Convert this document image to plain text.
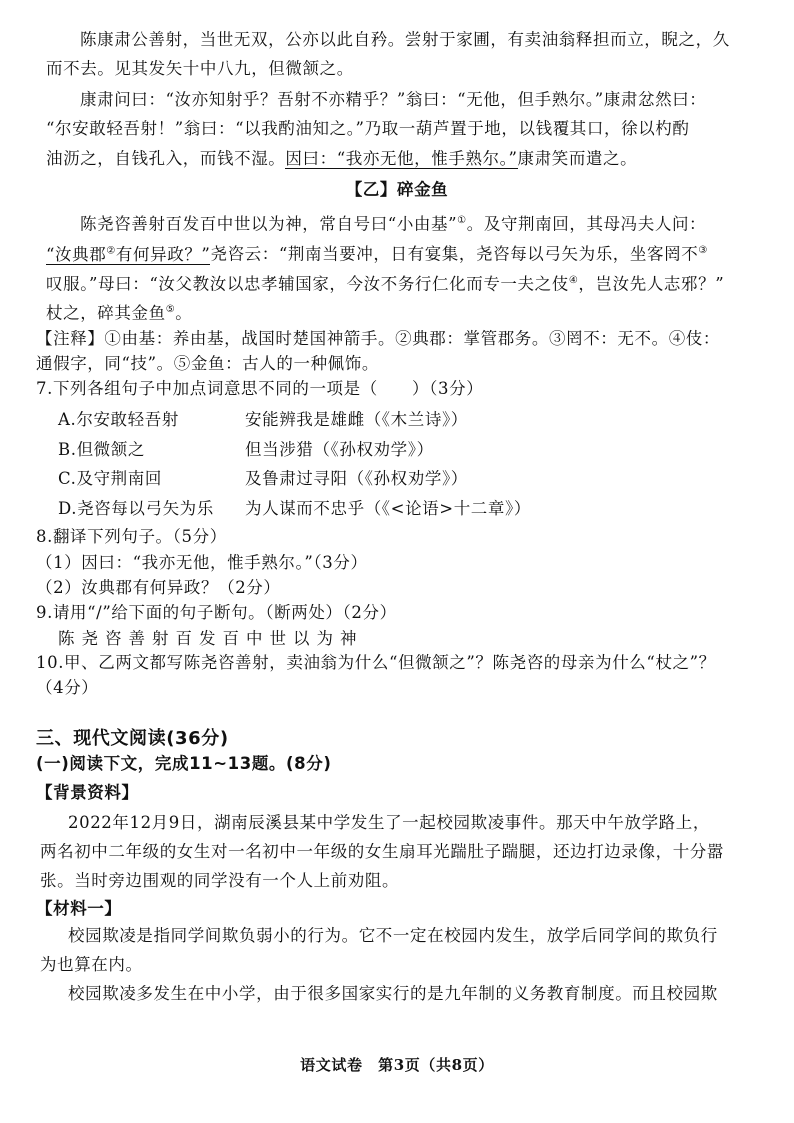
陈康肃公善射，当世无双，公亦以此自矜。尝射于家圃，有卖油翁释担而立，睨之，久
而不去。见其发矢十中八九，但微颔之。
康肃问曰：“汝亦知射乎？吾射不亦精乎？”翁曰：“无他，但手熟尔。”康肃忿然曰：
“尔安敢轻吾射！”翁曰：“以我酌油知之。”乃取一葫芦置于地，以钱覆其口，徐以杓酌
油沥之，自钱孔入，而钱不湿。因曰：“我亦无他，惟手熟尔。”康肃笑而遣之。
【乙】碎金鱼
陈尧咨善射百发百中世以为神，常自号曰“小由基”①。及守荆南回，其母冯夫人问：
“汝典郡②有何异政？”尧咨云：“荆南当要冲，日有宴集，尧咨每以弓矢为乐，坐客罔不③
叹服。”母曰：“汝父教汝以忠孝辅国家，今汝不务行仁化而专一夫之伎④，岂汝先人志邪？”
杖之，碎其金鱼⑤。
【注释】①由基：养由基，战国时楚国神箭手。②典郡：掌管郡务。③罔不：无不。④伎：
通假字，同“技”。⑤金鱼：古人的一种佩饰。
7.下列各组句子中加点词意思不同的一项是（　　）（3分）
A.尔安敢轻吾射	安能辨我是雄雌（《木兰诗》）
B.但微颔之	但当涉猎（《孙权劝学》）
C.及守荆南回	及鲁肃过寻阳（《孙权劝学》）
D.尧咨每以弓矢为乐 为人谋而不忠乎（《<论语>十二章》）
8.翻译下列句子。（5分）
（1）因曰：“我亦无他，惟手熟尔。”（3分）
（2）汝典郡有何异政？（2分）
9.请用“/”给下面的句子断句。（断两处）（2分）
陈尧咨善射百发百中世以为神
10.甲、乙两文都写陈尧咨善射，卖油翁为什么“但微颔之”？陈尧咨的母亲为什么“杖之”？
（4分）
三、现代文阅读(36分)
(一)阅读下文，完成11~13题。(8分)
【背景资料】
2022年12月9日，湖南辰溪县某中学发生了一起校园欺凌事件。那天中午放学路上，
两名初中二年级的女生对一名初中一年级的女生扇耳光踹肚子踹腿，还边打边录像，十分嚣
张。当时旁边围观的同学没有一个人上前劝阻。
【材料一】
校园欺凌是指同学间欺负弱小的行为。它不一定在校园内发生，放学后同学间的欺负行
为也算在内。
校园欺凌多发生在中小学，由于很多国家实行的是九年制的义务教育制度。而且校园欺
语文试卷　第3页（共8页）
